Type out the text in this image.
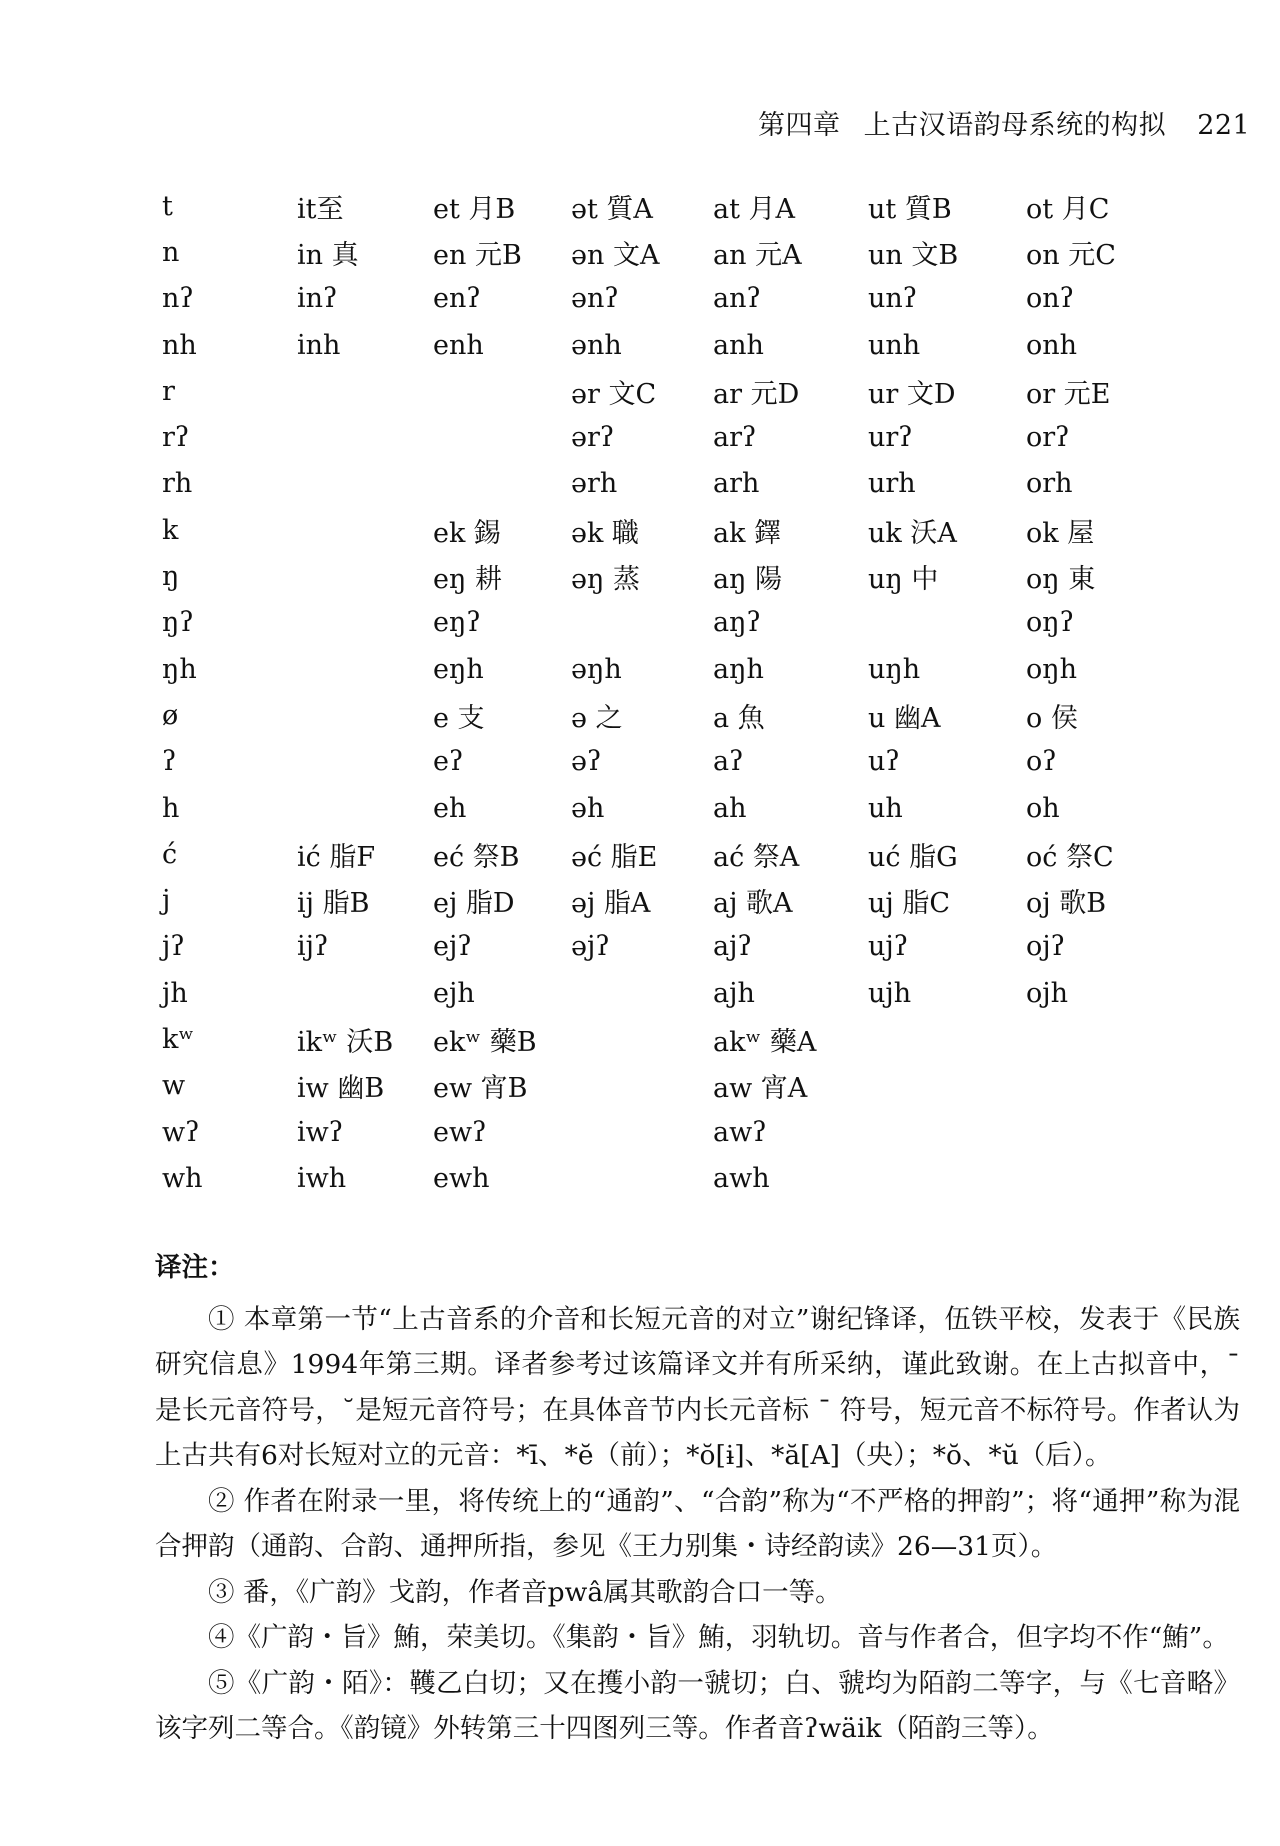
第四章 上古汉语韵母系统的构拟 221
t	it至	et 月B	ət 質A	at 月A	ut 質B	ot 月C
n	in 真	en 元B	ən 文A	an 元A	un 文B	on 元C
nʔ	inʔ	enʔ	ənʔ	anʔ	unʔ	onʔ
nh	inh	enh	ənh	anh	unh	onh
r			ər 文C	ar 元D	ur 文D	or 元E
rʔ			ərʔ	arʔ	urʔ	orʔ
rh			ərh	arh	urh	orh
k		ek 錫	ək 職	ak 鐸	uk 沃A	ok 屋
ŋ		eŋ 耕	əŋ 蒸	aŋ 陽	uŋ 中	oŋ 東
ŋʔ		eŋʔ		aŋʔ		oŋʔ
ŋh		eŋh	əŋh	aŋh	uŋh	oŋh
ø		e 支	ə 之	a 魚	u 幽A	o 侯
ʔ		eʔ	əʔ	aʔ	uʔ	oʔ
h		eh	əh	ah	uh	oh
ć	ić 脂F	eć 祭B	əć 脂E	ać 祭A	uć 脂G	oć 祭C
j	ij 脂B	ej 脂D	əj 脂A	aj 歌A	uj 脂C	oj 歌B
jʔ	ijʔ	ejʔ	əjʔ	ajʔ	ujʔ	ojʔ
jh		ejh		ajh	ujh	ojh
kʷ	ikʷ 沃B	ekʷ 藥B		akʷ 藥A		
w	iw 幽B	ew 宵B		aw 宵A		
wʔ	iwʔ	ewʔ		awʔ		
wh	iwh	ewh		awh		

译注：

① 本章第一节“上古音系的介音和长短元音的对立”谢纪锋译，伍铁平校，发表于《民族研究信息》1994年第三期。译者参考过该篇译文并有所采纳，谨此致谢。在上古拟音中，¯是长元音符号，˘是短元音符号；在具体音节内长元音标 ¯ 符号，短元音不标符号。作者认为上古共有6对长短对立的元音：*ī、*ĕ（前）；*ŏ[ɨ]、*ă[A]（央）；*ŏ、*ŭ（后）。

② 作者在附录一里，将传统上的“通韵”、“合韵”称为“不严格的押韵”；将“通押”称为混合押韵（通韵、合韵、通押所指，参见《王力别集・诗经韵读》26—31页）。

③ 番，《广韵》戈韵，作者音pwâ属其歌韵合口一等。

④《广韵・旨》鮪，荣美切。《集韵・旨》鮪，羽轨切。音与作者合，但字均不作“鮪”。

⑤《广韵・陌》：韄乙白切；又在擭小韵一虢切；白、虢均为陌韵二等字，与《七音略》该字列二等合。《韵镜》外转第三十四图列三等。作者音ʔwäik（陌韵三等）。
